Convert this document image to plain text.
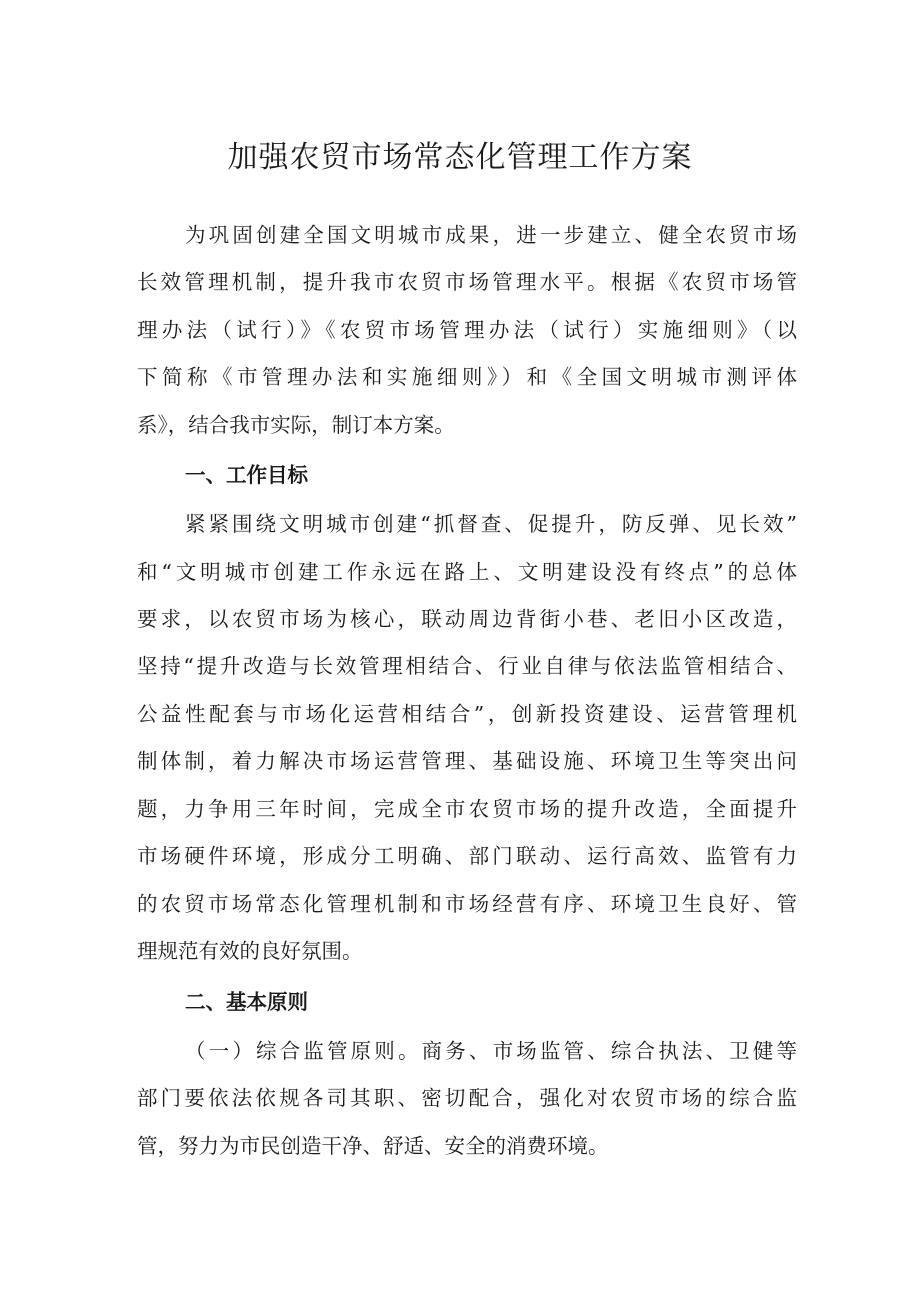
加强农贸市场常态化管理工作方案

为巩固创建全国文明城市成果，进一步建立、健全农贸市场

长效管理机制，提升我市农贸市场管理水平。根据《农贸市场管

理办法（试行）》《农贸市场管理办法（试行）实施细则》（以

下简称《市管理办法和实施细则》）和《全国文明城市测评体

系》，结合我市实际，制订本方案。

一、工作目标

紧紧围绕文明城市创建“抓督查、促提升，防反弹、见长效”

和“文明城市创建工作永远在路上、文明建设没有终点”的总体

要求，以农贸市场为核心，联动周边背街小巷、老旧小区改造，

坚持“提升改造与长效管理相结合、行业自律与依法监管相结合、

公益性配套与市场化运营相结合”，创新投资建设、运营管理机

制体制，着力解决市场运营管理、基础设施、环境卫生等突出问

题，力争用三年时间，完成全市农贸市场的提升改造，全面提升

市场硬件环境，形成分工明确、部门联动、运行高效、监管有力

的农贸市场常态化管理机制和市场经营有序、环境卫生良好、管

理规范有效的良好氛围。

二、基本原则

（一）综合监管原则。商务、市场监管、综合执法、卫健等

部门要依法依规各司其职、密切配合，强化对农贸市场的综合监

管，努力为市民创造干净、舒适、安全的消费环境。
